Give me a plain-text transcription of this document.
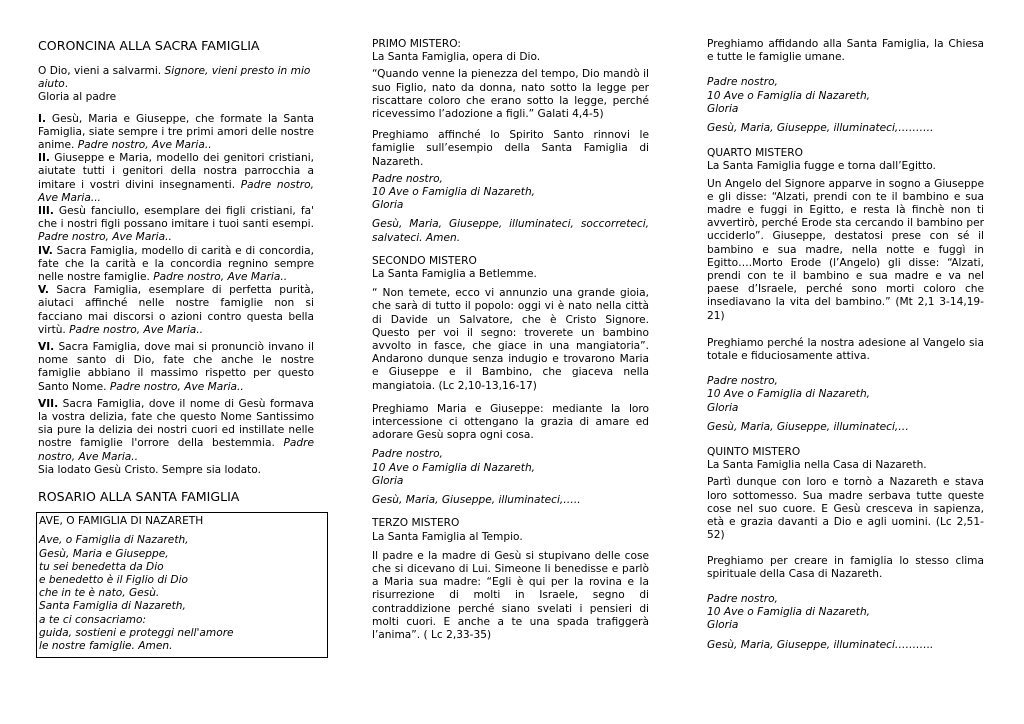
CORONCINA ALLA SACRA FAMIGLIA

O Dio, vieni a salvarmi. Signore, vieni presto in mio aiuto.

Gloria al padre

I. Gesù, Maria e Giuseppe, che formate la Santa Famiglia, siate sempre i tre primi amori delle nostre anime. Padre nostro, Ave Maria..

II. Giuseppe e Maria, modello dei genitori cristiani, aiutate tutti i genitori della nostra parrocchia a imitare i vostri divini insegnamenti. Padre nostro, Ave Maria...

III. Gesù fanciullo, esemplare dei figli cristiani, fa' che i nostri figli possano imitare i tuoi santi esempi. Padre nostro, Ave Maria..

IV. Sacra Famiglia, modello di carità e di concordia, fate che la carità e la concordia regnino sempre nelle nostre famiglie. Padre nostro, Ave Maria..

V. Sacra Famiglia, esemplare di perfetta purità, aiutaci affinché nelle nostre famiglie non si facciano mai discorsi o azioni contro questa bella virtù. Padre nostro, Ave Maria..

VI. Sacra Famiglia, dove mai si pronunciò invano il nome santo di Dio, fate che anche le nostre famiglie abbiano il massimo rispetto per questo Santo Nome. Padre nostro, Ave Maria..

VII. Sacra Famiglia, dove il nome di Gesù formava la vostra delizia, fate che questo Nome Santissimo sia pure la delizia dei nostri cuori ed instillate nelle nostre famiglie l'orrore della bestemmia. Padre nostro, Ave Maria..

Sia lodato Gesù Cristo. Sempre sia lodato.

ROSARIO ALLA SANTA FAMIGLIA

AVE, O FAMIGLIA DI NAZARETH

Ave, o Famiglia di Nazareth,
Gesù, Maria e Giuseppe,
tu sei benedetta da Dio
e benedetto è il Figlio di Dio
che in te è nato, Gesù.
Santa Famiglia di Nazareth,
a te ci consacriamo:
guida, sostieni e proteggi nell'amore
le nostre famiglie. Amen.

PRIMO MISTERO:

La Santa Famiglia, opera di Dio.

“Quando venne la pienezza del tempo, Dio mandò il suo Figlio, nato da donna, nato sotto la legge per riscattare coloro che erano sotto la legge, perché ricevessimo l’adozione a figli.” Galati 4,4-5)

Preghiamo affinché lo Spirito Santo rinnovi le famiglie sull’esempio della Santa Famiglia di Nazareth.

Padre nostro,

10 Ave o Famiglia di Nazareth,

Gloria

Gesù, Maria, Giuseppe, illuminateci, soccorreteci, salvateci. Amen.

SECONDO MISTERO

La Santa Famiglia a Betlemme.

“ Non temete, ecco vi annunzio una grande gioia, che sarà di tutto il popolo: oggi vi è nato nella città di Davide un Salvatore, che è Cristo Signore. Questo per voi il segno: troverete un bambino avvolto in fasce, che giace in una mangiatoria”. Andarono dunque senza indugio e trovarono Maria e Giuseppe e il Bambino, che giaceva nella mangiatoia. (Lc 2,10-13,16-17)

Preghiamo Maria e Giuseppe: mediante la loro intercessione ci ottengano la grazia di amare ed adorare Gesù sopra ogni cosa.

Padre nostro,

10 Ave o Famiglia di Nazareth,

Gloria

Gesù, Maria, Giuseppe, illuminateci,…..

TERZO MISTERO

La Santa Famiglia al Tempio.

Il padre e la madre di Gesù si stupivano delle cose che si dicevano di Lui. Simeone li benedisse e parlò a Maria sua madre: “Egli è qui per la rovina e la risurrezione di molti in Israele, segno di contraddizione perché siano svelati i pensieri di molti cuori. E anche a te una spada trafiggerà l’anima”. ( Lc 2,33-35)

Preghiamo affidando alla Santa Famiglia, la Chiesa e tutte le famiglie umane.

Padre nostro,

10 Ave o Famiglia di Nazareth,

Gloria

Gesù, Maria, Giuseppe, illuminateci,……….

QUARTO MISTERO

La Santa Famiglia fugge e torna dall’Egitto.

Un Angelo del Signore apparve in sogno a Giuseppe e gli disse: “Alzati, prendi con te il bambino e sua madre e fuggi in Egitto, e resta là finchè non ti avvertirò, perché Erode sta cercando il bambino per ucciderlo”. Giuseppe, destatosi prese con sé il bambino e sua madre, nella notte e fuggì in Egitto….Morto Erode (l’Angelo) gli disse: “Alzati, prendi con te il bambino e sua madre e va nel paese d’Israele, perché sono morti coloro che insediavano la vita del bambino.” (Mt 2,1 3-14,19-21)

Preghiamo perché la nostra adesione al Vangelo sia totale e fiduciosamente attiva.

Padre nostro,

10 Ave o Famiglia di Nazareth,

Gloria

Gesù, Maria, Giuseppe, illuminateci,…

QUINTO MISTERO

La Santa Famiglia nella Casa di Nazareth.

Partì dunque con loro e tornò a Nazareth e stava loro sottomesso. Sua madre serbava tutte queste cose nel suo cuore. E Gesù cresceva in sapienza, età e grazia davanti a Dio e agli uomini. (Lc 2,51-52)

Preghiamo per creare in famiglia lo stesso clima spirituale della Casa di Nazareth.

Padre nostro,

10 Ave o Famiglia di Nazareth,

Gloria

Gesù, Maria, Giuseppe, illuminateci………..
